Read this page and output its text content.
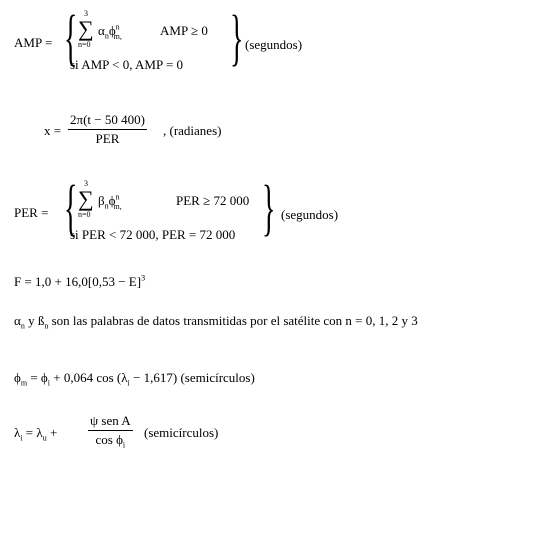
AMP = { 3
∑
n=0
$\alpha_n\phi^n_{m,}$	AMP ≥ 0
si AMP < 0, AMP = 0 } (segundos)
x =
2π(t − 50 400)
PER
, (radianes)
PER = { 3
∑
n=0
$\beta_n\phi^n_{m,}$	PER ≥ 72 000
si PER < 72 000, PER = 72 000 } (segundos)
$F = 1,0 + 16,0[0,53 - E]^3$
$\alpha_n$ y $ß_n$ son las palabras de datos transmitidas por el satélite con n = 0, 1, 2 y 3
$\phi_m = \phi_i + 0,064$ $\cos (\lambda_i - 1,617)$ (semicírculos)
$\lambda_i = \lambda_u$ +
ψ sen A
$\cos \phi_i$
(semicírculos)
